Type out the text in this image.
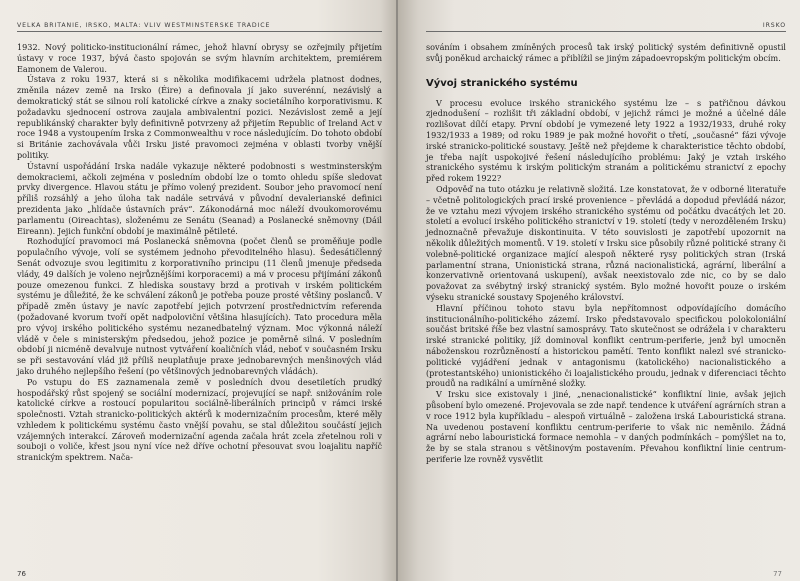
VELKÁ BRITÁNIE, IRSKO, MALTA: VLIV WESTMINSTERSKÉ TRADICE

1932. Nový politicko-institucionální rámec, jehož hlavní obrysy se ozřejmily přijetím ústavy v roce 1937, bývá často spojován se svým hlavním architektem, premiérem Eamonem de Valerou.

Ústava z roku 1937, která si s několika modifikacemi udržela platnost dodnes, změnila název země na Irsko (Éire) a definovala jí jako suverénní, nezávislý a demokratický stát se silnou rolí katolické církve a znaky societálního korporativismu. K požadavku sjednocení ostrova zaujala ambivalentní pozici. Nezávislost země a její republikánský charakter byly definitivně potvrzeny až přijetím Republic of Ireland Act v roce 1948 a vystoupením Irska z Commonwealthu v roce následujícím. Do tohoto období si Británie zachovávala vůči Irsku jisté pravomoci zejména v oblasti tvorby vnější politiky.

Ústavní uspořádání Irska nadále vykazuje některé podobnosti s westminsterským demokraciemi, ačkoli zejména v posledním období lze o tomto ohledu spíše sledovat prvky divergence. Hlavou státu je přímo volený prezident. Soubor jeho pravomocí není příliš rozsáhlý a jeho úloha tak nadále setrvává v původní devalerianské definici prezidenta jako „hlídače ústavních práv“. Zákonodárná moc náleží dvoukomorovému parlamentu (Oireachtas), složenému ze Senátu (Seanad) a Poslanecké sněmovny (Dáil Eireann). Jejich funkční období je maximálně pětileté.

Rozhodující pravomoci má Poslanecká sněmovna (počet členů se proměňuje podle populačního vývoje, volí se systémem jednoho převoditelného hlasu). Šedesátičlenný Senát odvozuje svou legitimitu z korporativního principu (11 členů jmenuje předseda vlády, 49 dalších je voleno nejrůznějšími korporacemi) a má v procesu přijímání zákonů pouze omezenou funkci. Z hlediska soustavy brzd a protivah v irském politickém systému je důležité, že ke schválení zákonů je potřeba pouze prosté většiny poslanců. V případě změn ústavy je navíc zapotřebí jejich potvrzení prostřednictvím referenda (požadované kvorum tvoří opět nadpoloviční většina hlasujících). Tato procedura měla pro vývoj irského politického systému nezanedbatelný význam. Moc výkonná náleží vládě v čele s ministerským předsedou, jehož pozice je poměrně silná. V posledním období ji nicméně devalvuje nutnost vytváření koaličních vlád, neboť v současném Irsku se při sestavování vlád již příliš neuplatňuje praxe jednobarevných menšinových vlád jako druhého nejlepšího řešení (po většinových jednobarevných vládách).

Po vstupu do ES zaznamenala země v posledních dvou desetiletích prudký hospodářský růst spojený se sociální modernizací, projevující se např. snižováním role katolické církve a rostoucí popularitou sociálně-liberálních principů v rámci irské společnosti. Vztah stranicko-politických aktérů k modernizačním procesům, které měly vzhledem k politickému systému často vnější povahu, se stal důležitou součástí jejich vzájemných interakcí. Zároveň modernizační agenda začala hrát zcela zřetelnou roli v souboji o voliče, křest jsou nyní více než dříve ochotní přesouvat svou loajalitu napříč stranickým spektrem. Nača-

76
IRSKO

sováním i obsahem zmíněných procesů tak irský politický systém definitivně opustil svůj poněkud archaický rámec a přiblížil se jiným západoevropským politickým obcím.

Vývoj stranického systému

V procesu evoluce irského stranického systému lze – s patřičnou dávkou zjednodušení – rozlišit tři základní období, v jejichž rámci je možné a účelné dále rozlišovat dílčí etapy. První období je vymezené lety 1922 a 1932/1933, druhé roky 1932/1933 a 1989; od roku 1989 je pak možné hovořit o třetí, „současné“ fázi vývoje irské stranicko-politické soustavy. Ještě než přejdeme k charakteristice těchto období, je třeba najít uspokojivé řešení následujícího problému: Jaký je vztah irského stranického systému k irským politickým stranám a politickému stranictví z epochy před rokem 1922?

Odpověď na tuto otázku je relativně složitá. Lze konstatovat, že v odborné literatuře – včetně politologických prací irské provenience – převládá a dopodud převládá názor, že ve vztahu mezi vývojem irského stranického systému od počátku dvacátých let 20. století a evolucí irského politického stranictví v 19. století (tedy v nerozděleném Irsku) jednoznačně převažuje diskontinuita. V této souvislosti je zapotřebí upozornit na několik důležitých momentů. V 19. století v Irsku sice působily různé politické strany či volebně-politické organizace mající alespoň některé rysy politických stran (Irská parlamentní strana, Unionistická strana, různá nacionalistická, agrární, liberální a konzervativně orientovaná uskupení), avšak neexistovalo zde nic, co by se dalo považovat za svébytný irský stranický systém. Bylo možné hovořit pouze o irském výseku stranické soustavy Spojeného království.

Hlavní příčinou tohoto stavu byla nepřítomnost odpovídajícího domácího institucionálního-politického zázemí. Irsko představovalo specifickou polokoloniální součást britské říše bez vlastní samosprávy. Tato skutečnost se odrážela i v charakteru irské stranické politiky, jíž dominoval konflikt centrum-periferie, jenž byl umocněn náboženskou rozrůzněností a historickou pamětí. Tento konflikt nalezl své stranicko-politické vyjádření jednak v antagonismu (katolického) nacionalistického a (protestantského) unionistického či loajalistického proudu, jednak v diferenciaci těchto proudů na radikální a umírněné složky.

V Irsku sice existovaly i jiné, „nenacionalistické“ konfliktní linie, avšak jejich působení bylo omezené. Projevovala se zde např. tendence k utváření agrárních stran a v roce 1912 byla kupříkladu – alespoň virtuálně – založena irská Labouristická strana. Na uvedenou postavení konfliktu centrum-periferie to však nic neměnilo. Žádná agrární nebo labouristická formace nemohla – v daných podmínkách – pomýšlet na to, že by se stala stranou s většinovým postavením. Převahou konfliktní linie centrum-periferie lze rovněž vysvětlit

77
